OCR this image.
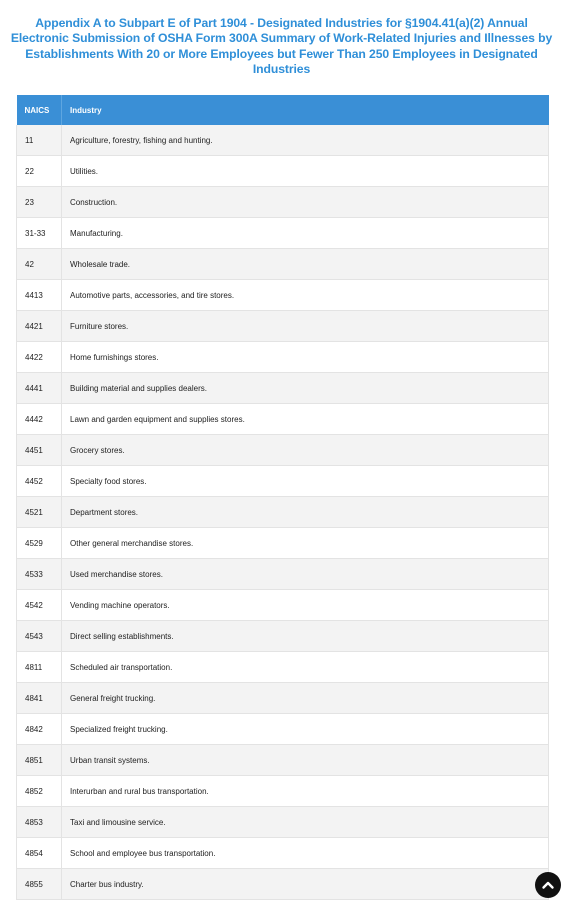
Appendix A to Subpart E of Part 1904 - Designated Industries for §1904.41(a)(2) Annual Electronic Submission of OSHA Form 300A Summary of Work-Related Injuries and Illnesses by Establishments With 20 or More Employees but Fewer Than 250 Employees in Designated Industries
NAICS	Industry
11	Agriculture, forestry, fishing and hunting.
22	Utilities.
23	Construction.
31-33	Manufacturing.
42	Wholesale trade.
4413	Automotive parts, accessories, and tire stores.
4421	Furniture stores.
4422	Home furnishings stores.
4441	Building material and supplies dealers.
4442	Lawn and garden equipment and supplies stores.
4451	Grocery stores.
4452	Specialty food stores.
4521	Department stores.
4529	Other general merchandise stores.
4533	Used merchandise stores.
4542	Vending machine operators.
4543	Direct selling establishments.
4811	Scheduled air transportation.
4841	General freight trucking.
4842	Specialized freight trucking.
4851	Urban transit systems.
4852	Interurban and rural bus transportation.
4853	Taxi and limousine service.
4854	School and employee bus transportation.
4855	Charter bus industry.
